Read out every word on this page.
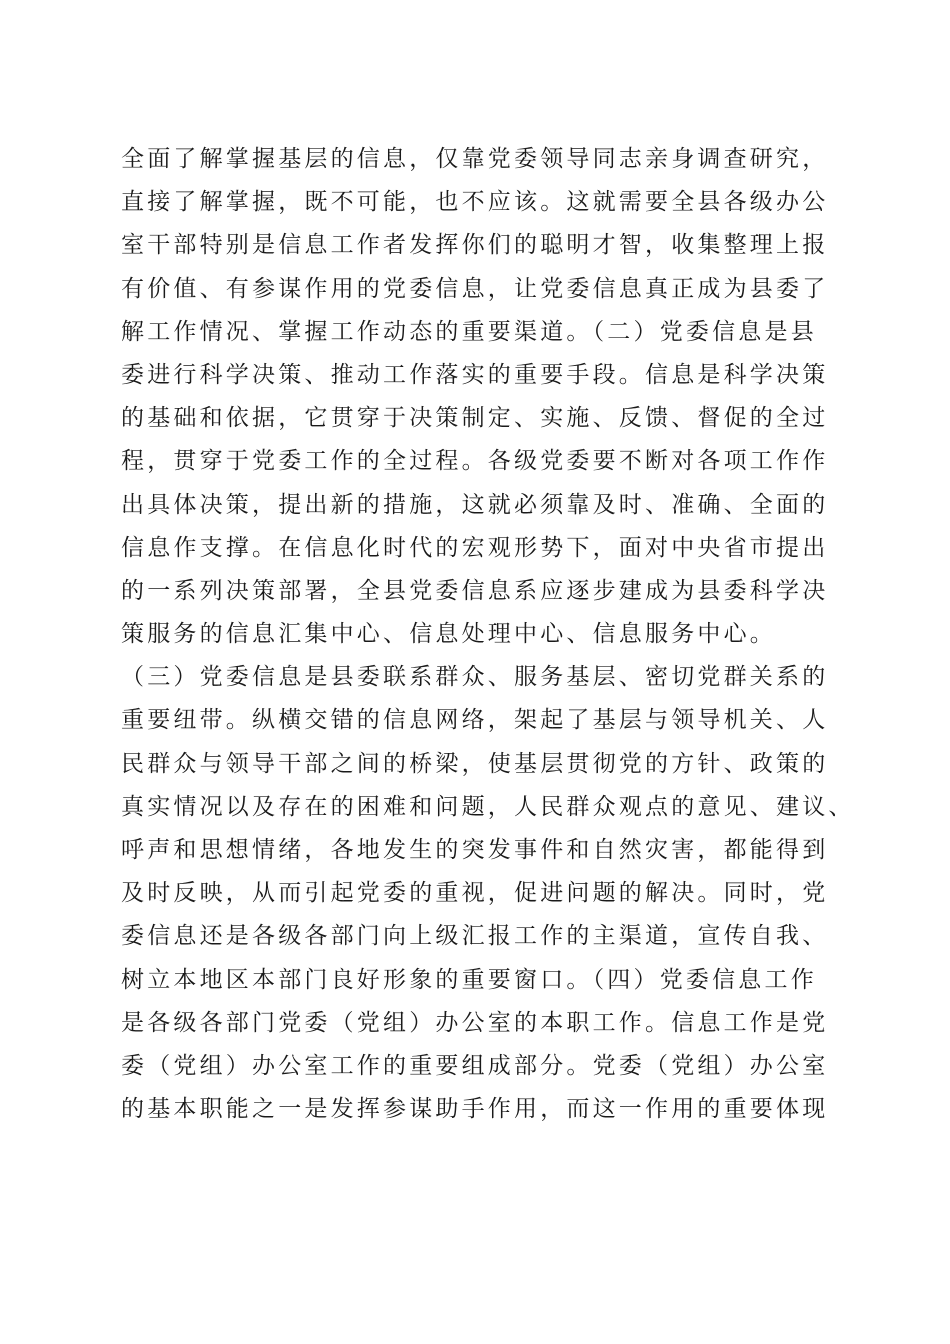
全面了解掌握基层的信息，仅靠党委领导同志亲身调查研究，
直接了解掌握，既不可能，也不应该。这就需要全县各级办公
室干部特别是信息工作者发挥你们的聪明才智，收集整理上报
有价值、有参谋作用的党委信息，让党委信息真正成为县委了
解工作情况、掌握工作动态的重要渠道。（二）党委信息是县
委进行科学决策、推动工作落实的重要手段。信息是科学决策
的基础和依据，它贯穿于决策制定、实施、反馈、督促的全过
程，贯穿于党委工作的全过程。各级党委要不断对各项工作作
出具体决策，提出新的措施，这就必须靠及时、准确、全面的
信息作支撑。在信息化时代的宏观形势下，面对中央省市提出
的一系列决策部署，全县党委信息系应逐步建成为县委科学决
策服务的信息汇集中心、信息处理中心、信息服务中心。
（三）党委信息是县委联系群众、服务基层、密切党群关系的
重要纽带。纵横交错的信息网络，架起了基层与领导机关、人
民群众与领导干部之间的桥梁，使基层贯彻党的方针、政策的
真实情况以及存在的困难和问题，人民群众观点的意见、建议、
呼声和思想情绪，各地发生的突发事件和自然灾害，都能得到
及时反映，从而引起党委的重视，促进问题的解决。同时，党
委信息还是各级各部门向上级汇报工作的主渠道，宣传自我、
树立本地区本部门良好形象的重要窗口。（四）党委信息工作
是各级各部门党委（党组）办公室的本职工作。信息工作是党
委（党组）办公室工作的重要组成部分。党委（党组）办公室
的基本职能之一是发挥参谋助手作用，而这一作用的重要体现
